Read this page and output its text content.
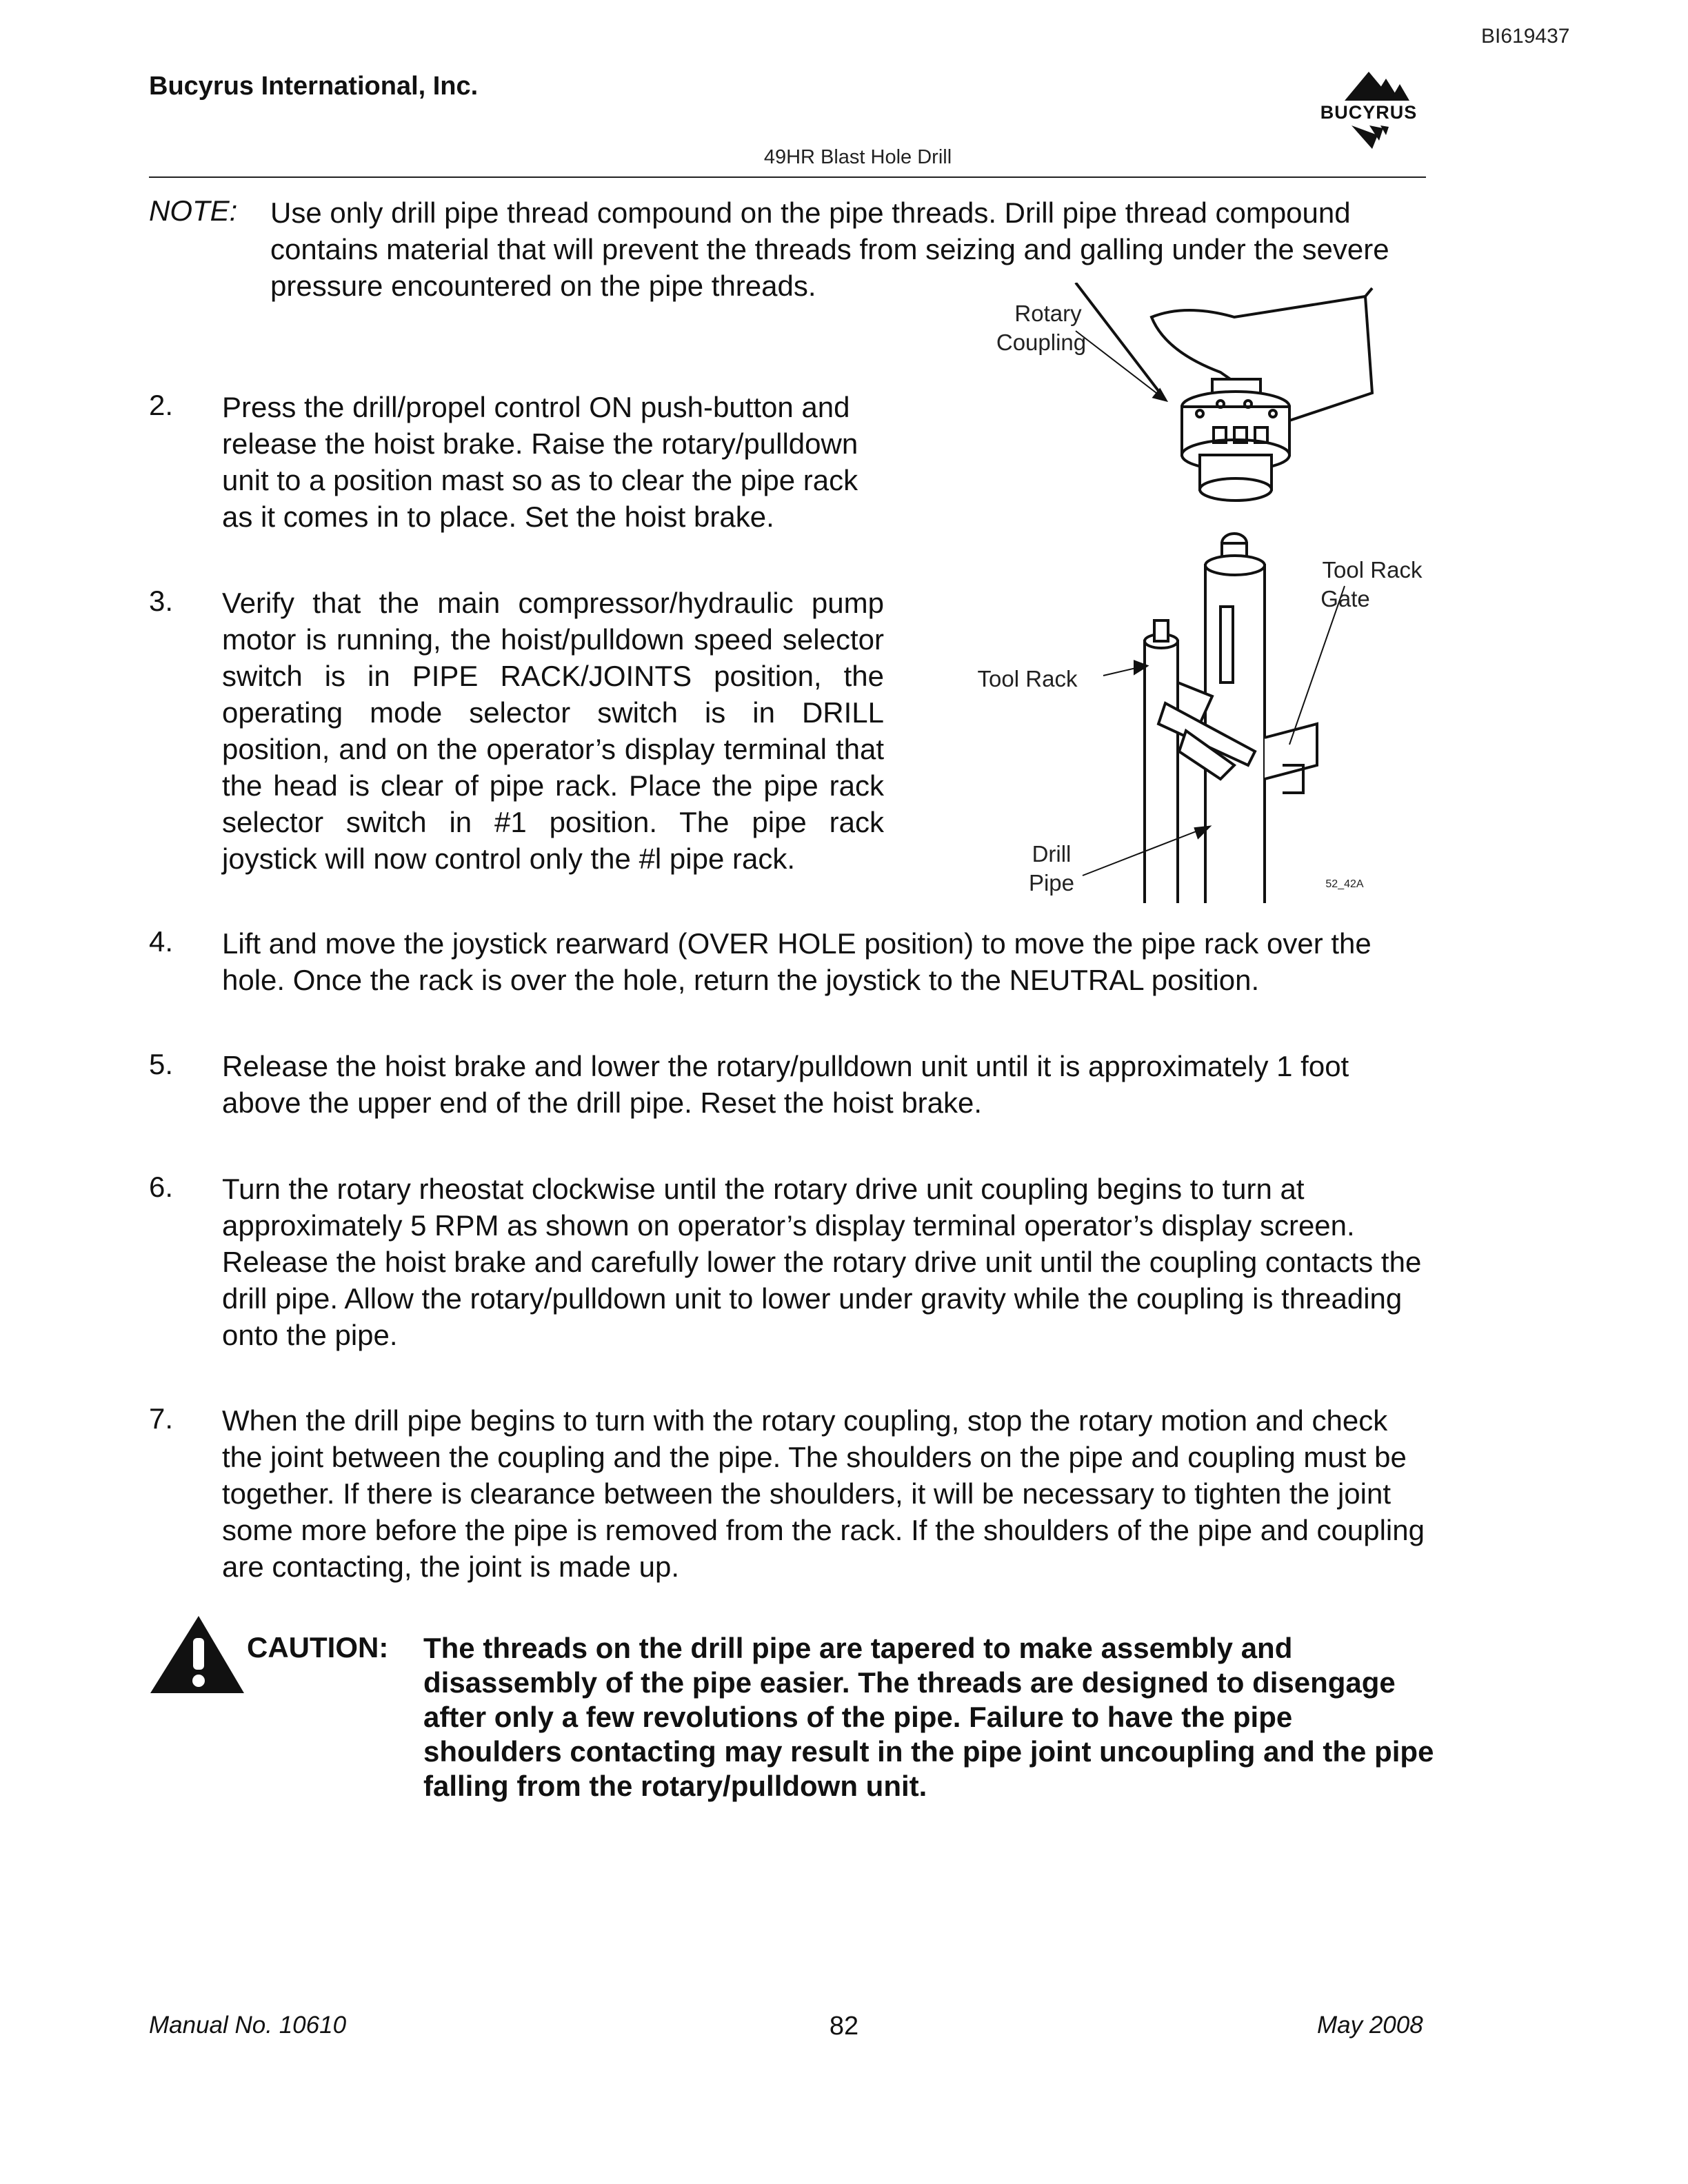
BI619437
Bucyrus International, Inc.
BUCYRUS
49HR Blast Hole Drill
NOTE: Use only drill pipe thread compound on the pipe threads. Drill pipe thread compound contains material that will prevent the threads from seizing and galling under the severe pressure encountered on the pipe threads.
2. Press the drill/propel control ON push-button and release the hoist brake. Raise the rotary/pulldown unit to a position mast so as to clear the pipe rack as it comes in to place. Set the hoist brake.
3. Verify that the main compressor/hydraulic pump motor is running, the hoist/pulldown speed selector switch is in PIPE RACK/JOINTS position, the operating mode selector switch is in DRILL position, and on the operator’s display terminal that the head is clear of pipe rack. Place the pipe rack selector switch in #1 position. The pipe rack joystick will now control only the #l pipe rack.
4. Lift and move the joystick rearward (OVER HOLE position) to move the pipe rack over the hole. Once the rack is over the hole, return the joystick to the NEUTRAL position.
5. Release the hoist brake and lower the rotary/pulldown unit until it is approximately 1 foot above the upper end of the drill pipe. Reset the hoist brake.
6. Turn the rotary rheostat clockwise until the rotary drive unit coupling begins to turn at approximately 5 RPM as shown on operator’s display terminal operator’s display screen. Release the hoist brake and carefully lower the rotary drive unit until the coupling contacts the drill pipe. Allow the rotary/pulldown unit to lower under gravity while the coupling is threading onto the pipe.
7. When the drill pipe begins to turn with the rotary coupling, stop the rotary motion and check the joint between the coupling and the pipe. The shoulders on the pipe and coupling must be together. If there is clearance between the shoulders, it will be necessary to tighten the joint some more before the pipe is removed from the rack. If the shoulders of the pipe and coupling are contacting, the joint is made up.
Rotary
Coupling
Tool Rack
Gate
Tool Rack
Drill
Pipe	52_42A
CAUTION: The threads on the drill pipe are tapered to make assembly and disassembly of the pipe easier. The threads are designed to disengage after only a few revolutions of the pipe. Failure to have the pipe shoulders contacting may result in the pipe joint uncoupling and the pipe falling from the rotary/pulldown unit.
Manual No. 10610	82	May 2008
